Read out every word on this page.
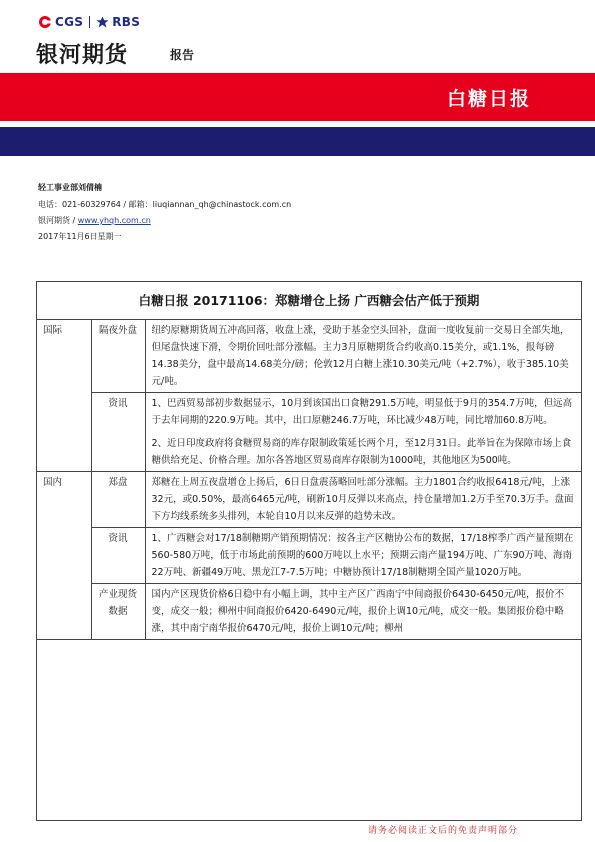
CGS RBS
银河期货	报告
白糖日报
轻工事业部刘倩楠
电话：021-60329764 / 邮箱：liuqiannan_qh@chinastock.com.cn
银河期货 / www.yhqh.com.cn
2017年11月6日星期一
白糖日报 20171106：郑糖增仓上扬 广西糖会估产低于预期
国际	隔夜外盘	纽约原糖期货周五冲高回落，收盘上涨，受助于基金空头回补，盘面一度收复前一交易日全部失地，但尾盘快速下滑，令期价回吐部分涨幅。主力3月原糖期货合约收高0.15美分，或1.1%，报每磅14.38美分，盘中最高14.68美分/磅；伦敦12月白糖上涨10.30美元/吨（+2.7%），收于385.10美元/吨。

	资讯	1、巴西贸易部初步数据显示，10月到该国出口食糖291.5万吨，明显低于9月的354.7万吨，但远高于去年同期的220.9万吨。其中，出口原糖246.7万吨，环比减少48万吨，同比增加60.8万吨。

2、近日印度政府将食糖贸易商的库存限制政策延长两个月，至12月31日。此举旨在为保障市场上食糖供给充足、价格合理。加尔各答地区贸易商库存限制为1000吨，其他地区为500吨。

国内	郑盘	郑糖在上周五夜盘增仓上扬后，6日日盘震荡略回吐部分涨幅。主力1801合约收报6418元/吨，上涨32元，或0.50%，最高6465元/吨，刷新10月反弹以来高点，持仓量增加1.2万手至70.3万手。盘面下方均线系统多头排列，本轮自10月以来反弹的趋势未改。

	资讯	1、广西糖会对17/18制糖期产销预期情况：按各主产区糖协公布的数据，17/18榨季广西产量预期在560-580万吨，低于市场此前预期的600万吨以上水平；预期云南产量194万吨、广东90万吨、海南22万吨、新疆49万吨、黑龙江7-7.5万吨；中糖协预计17/18制糖期全国产量1020万吨。

	产业现货数据	国内产区现货价格6日稳中有小幅上调，其中主产区广西南宁中间商报价6430-6450元/吨，报价不变，成交一般；柳州中间商报价6420-6490元/吨，报价上调10元/吨，成交一般。集团报价稳中略涨，其中南宁南华报价6470元/吨，报价上调10元/吨；柳州

请务必阅读正文后的免责声明部分
